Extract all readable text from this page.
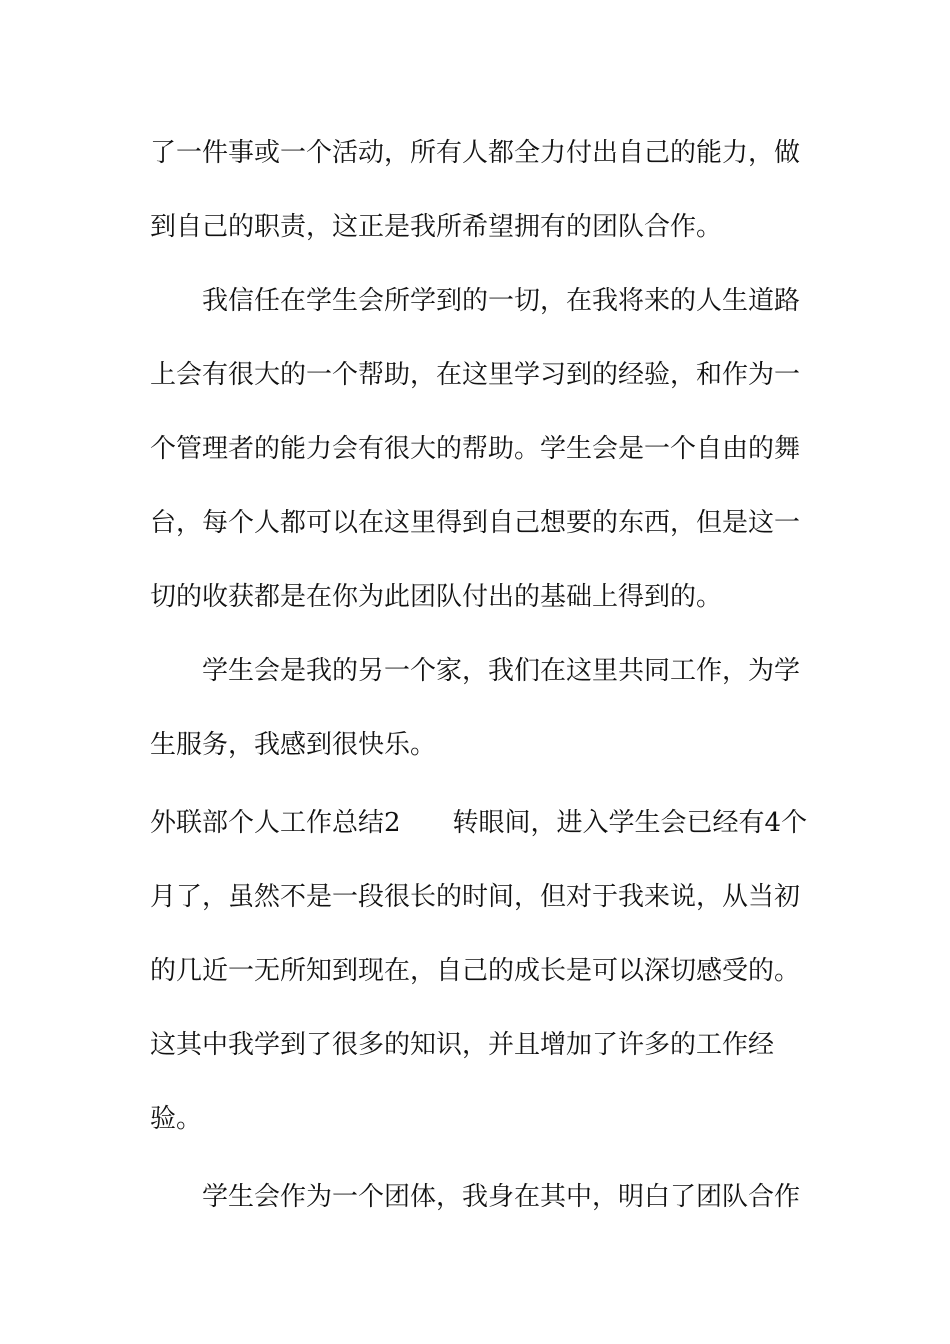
了一件事或一个活动，所有人都全力付出自己的能力，做
到自己的职责，这正是我所希望拥有的团队合作。
我信任在学生会所学到的一切，在我将来的人生道路
上会有很大的一个帮助，在这里学习到的经验，和作为一
个管理者的能力会有很大的帮助。学生会是一个自由的舞
台，每个人都可以在这里得到自己想要的东西，但是这一
切的收获都是在你为此团队付出的基础上得到的。
学生会是我的另一个家，我们在这里共同工作，为学
生服务，我感到很快乐。
外联部个人工作总结2　　转眼间，进入学生会已经有4个
月了，虽然不是一段很长的时间，但对于我来说，从当初
的几近一无所知到现在，自己的成长是可以深切感受的。
这其中我学到了很多的知识，并且增加了许多的工作经
验。
学生会作为一个团体，我身在其中，明白了团队合作
